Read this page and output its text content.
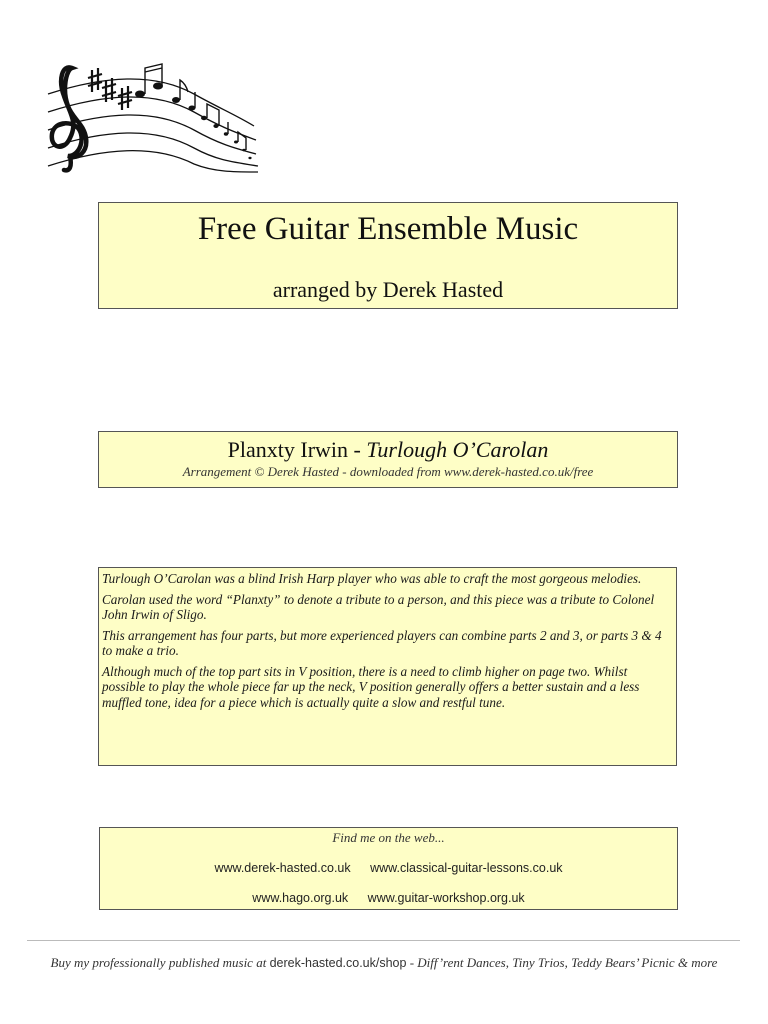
Free Guitar Ensemble Music
arranged by Derek Hasted
Planxty Irwin - Turlough O’Carolan
Arrangement © Derek Hasted - downloaded from www.derek-hasted.co.uk/free

Turlough O’Carolan was a blind Irish Harp player who was able to craft the most gorgeous melodies.

Carolan used the word “Planxty” to denote a tribute to a person, and this piece was a tribute to Colonel John Irwin of Sligo.

This arrangement has four parts, but more experienced players can combine parts 2 and 3, or parts 3 & 4 to make a trio.

Although much of the top part sits in V position, there is a need to climb higher on page two. Whilst possible to play the whole piece far up the neck, V position generally offers a better sustain and a less muffled tone, idea for a piece which is actually quite a slow and restful tune.

Find me on the web...
www.derek-hasted.co.uk www.classical-guitar-lessons.co.uk
www.hago.org.uk www.guitar-workshop.org.uk
Buy my professionally published music at derek-hasted.co.uk/shop - Diff’rent Dances, Tiny Trios, Teddy Bears’ Picnic & more
